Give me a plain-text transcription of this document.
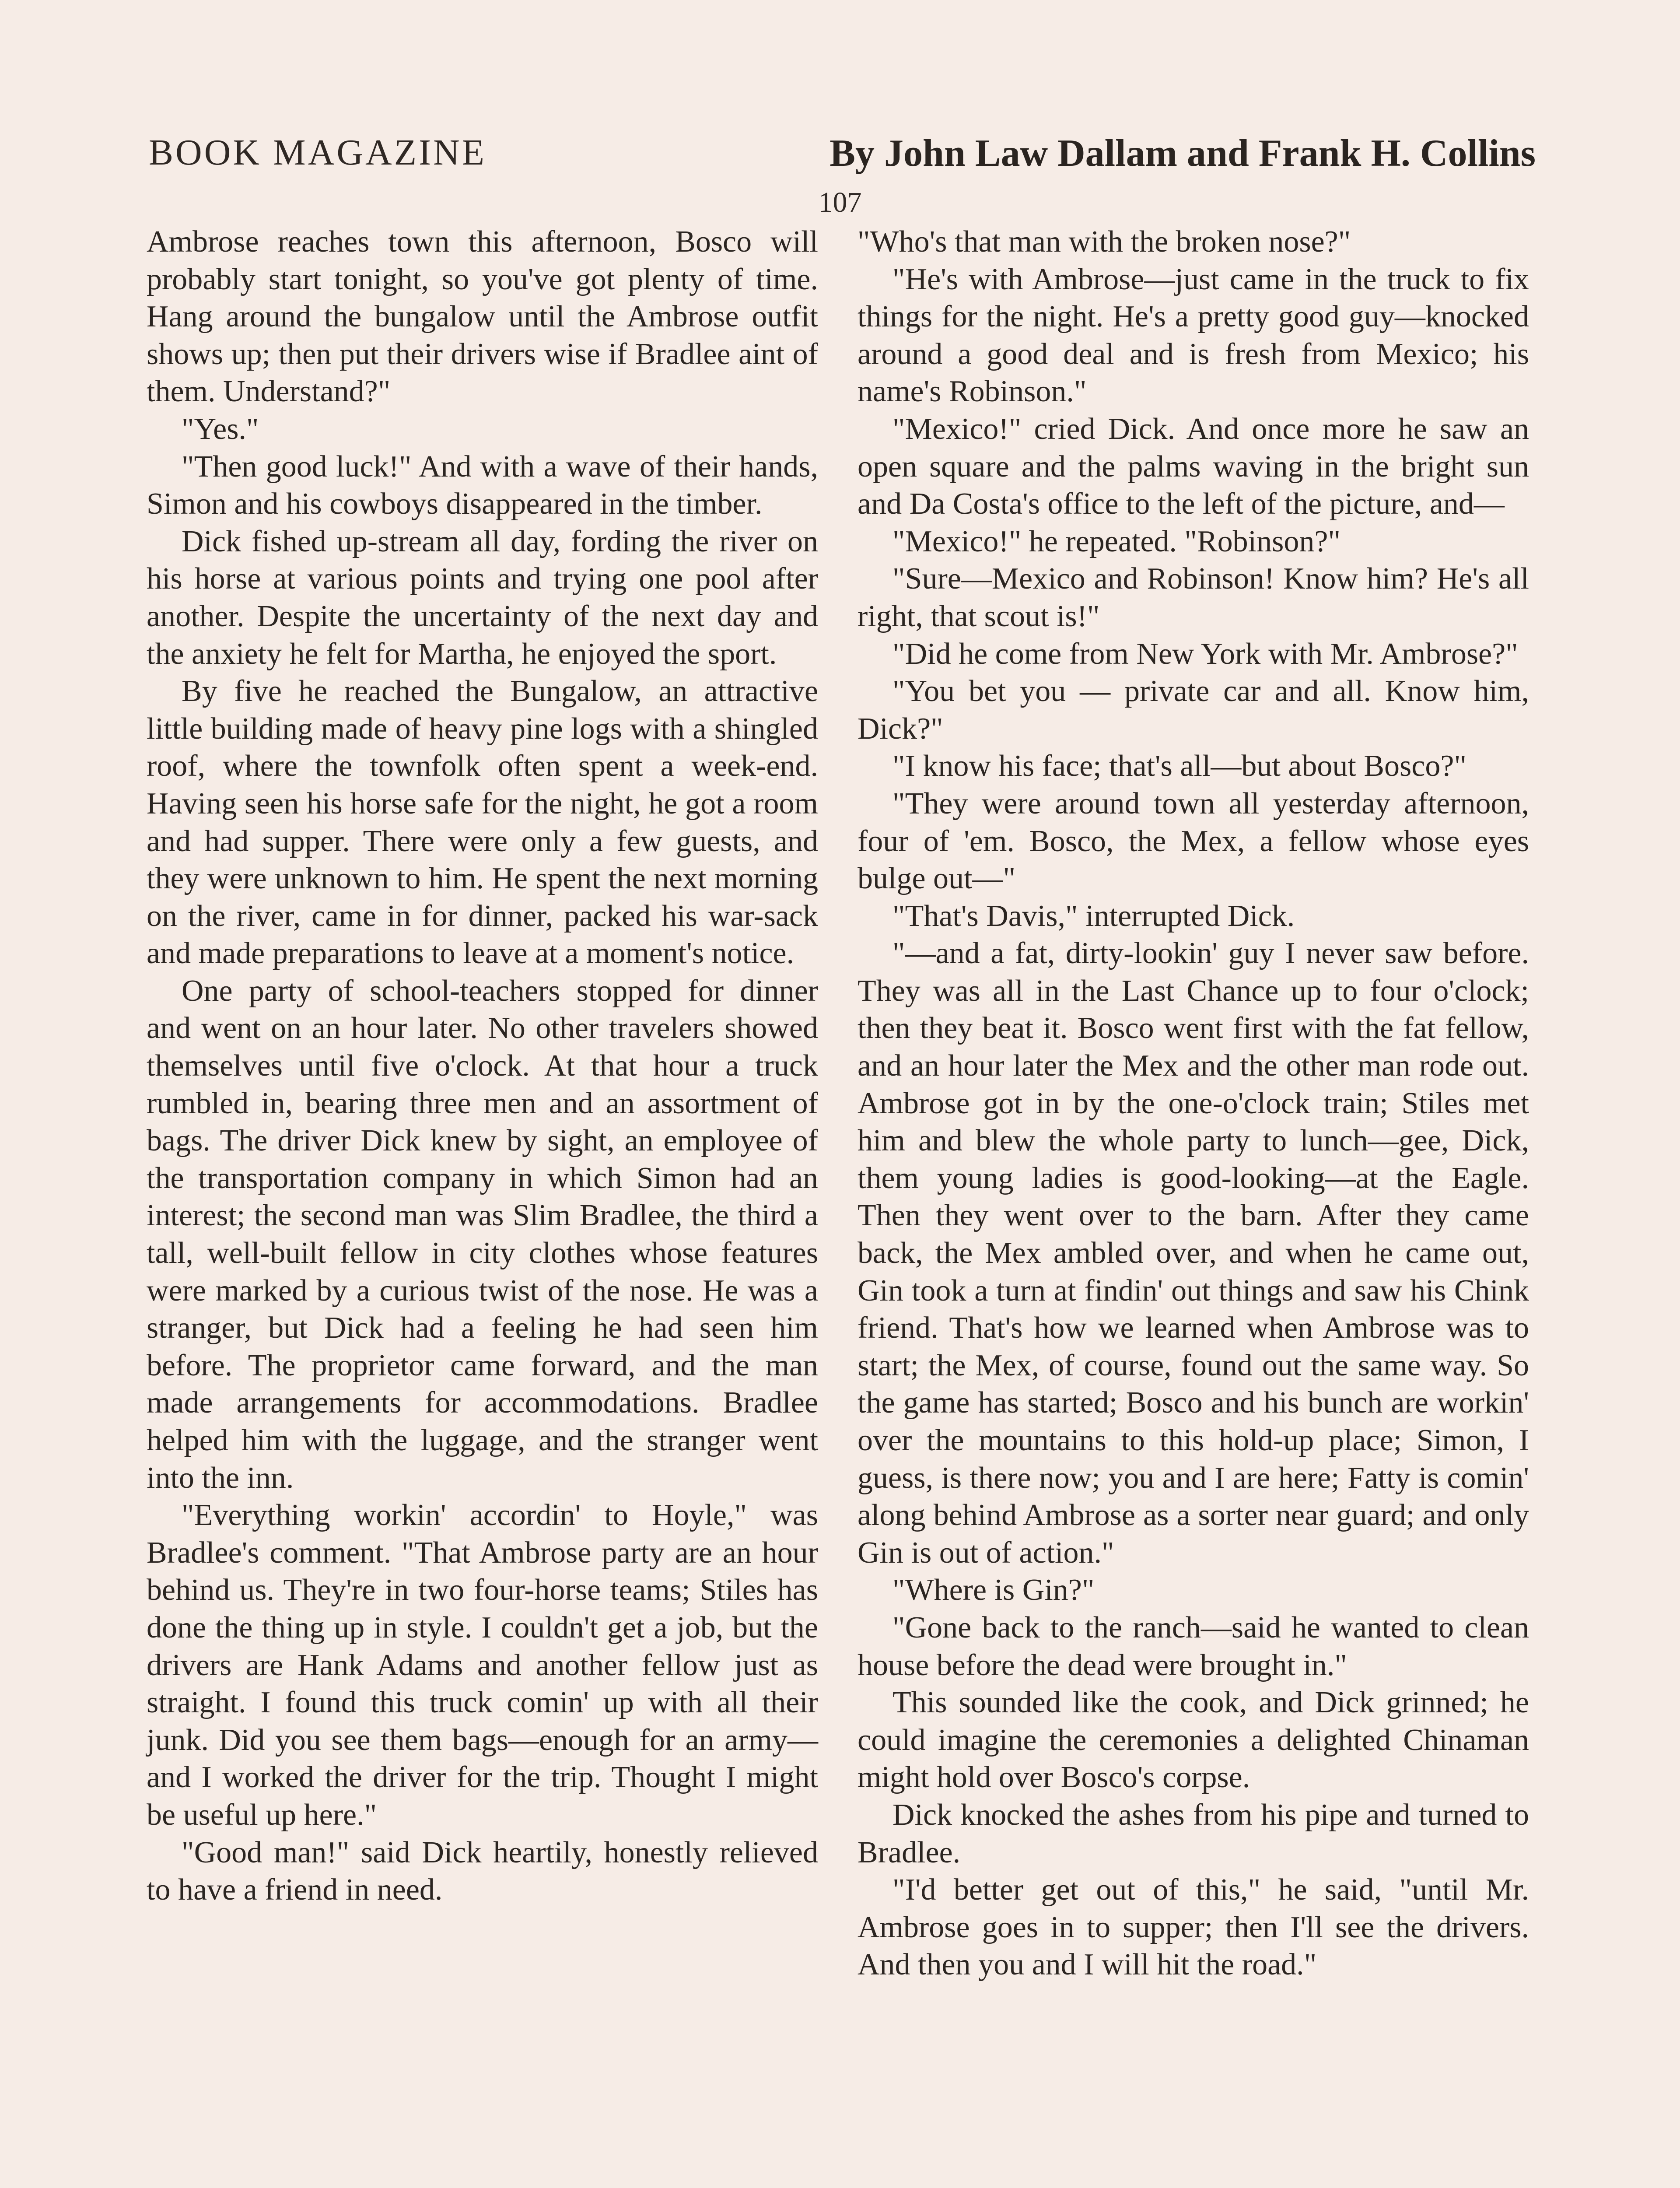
BOOK MAGAZINE	By John Law Dallam and Frank H. Collins
107

Ambrose reaches town this afternoon, Bosco will probably start tonight, so you've got plenty of time. Hang around the bungalow until the Ambrose outfit shows up; then put their drivers wise if Bradlee aint of them. Understand?"

"Yes."

"Then good luck!" And with a wave of their hands, Simon and his cowboys disappeared in the timber.

Dick fished up-stream all day, fording the river on his horse at various points and trying one pool after another. Despite the uncertainty of the next day and the anxiety he felt for Martha, he enjoyed the sport.

By five he reached the Bungalow, an attractive little building made of heavy pine logs with a shingled roof, where the townfolk often spent a week-end. Having seen his horse safe for the night, he got a room and had supper. There were only a few guests, and they were unknown to him. He spent the next morning on the river, came in for dinner, packed his war-sack and made preparations to leave at a moment's notice.

One party of school-teachers stopped for dinner and went on an hour later. No other travelers showed themselves until five o'clock. At that hour a truck rumbled in, bearing three men and an assortment of bags. The driver Dick knew by sight, an employee of the transportation company in which Simon had an interest; the second man was Slim Bradlee, the third a tall, well-built fellow in city clothes whose features were marked by a curious twist of the nose. He was a stranger, but Dick had a feeling he had seen him before. The proprietor came forward, and the man made arrangements for accommodations. Bradlee helped him with the luggage, and the stranger went into the inn.

"Everything workin' accordin' to Hoyle," was Bradlee's comment. "That Ambrose party are an hour behind us. They're in two four-horse teams; Stiles has done the thing up in style. I couldn't get a job, but the drivers are Hank Adams and another fellow just as straight. I found this truck comin' up with all their junk. Did you see them bags—enough for an army—and I worked the driver for the trip. Thought I might be useful up here."

"Good man!" said Dick heartily, honestly relieved to have a friend in need.

"Who's that man with the broken nose?"

"He's with Ambrose—just came in the truck to fix things for the night. He's a pretty good guy—knocked around a good deal and is fresh from Mexico; his name's Robinson."

"Mexico!" cried Dick. And once more he saw an open square and the palms waving in the bright sun and Da Costa's office to the left of the picture, and—

"Mexico!" he repeated. "Robinson?"

"Sure—Mexico and Robinson! Know him? He's all right, that scout is!"

"Did he come from New York with Mr. Ambrose?"

"You bet you — private car and all. Know him, Dick?"

"I know his face; that's all—but about Bosco?"

"They were around town all yesterday afternoon, four of 'em. Bosco, the Mex, a fellow whose eyes bulge out—"

"That's Davis," interrupted Dick.

"—and a fat, dirty-lookin' guy I never saw before. They was all in the Last Chance up to four o'clock; then they beat it. Bosco went first with the fat fellow, and an hour later the Mex and the other man rode out. Ambrose got in by the one-o'clock train; Stiles met him and blew the whole party to lunch—gee, Dick, them young ladies is good-looking—at the Eagle. Then they went over to the barn. After they came back, the Mex ambled over, and when he came out, Gin took a turn at findin' out things and saw his Chink friend. That's how we learned when Ambrose was to start; the Mex, of course, found out the same way. So the game has started; Bosco and his bunch are workin' over the mountains to this hold-up place; Simon, I guess, is there now; you and I are here; Fatty is comin' along behind Ambrose as a sorter near guard; and only Gin is out of action."

"Where is Gin?"

"Gone back to the ranch—said he wanted to clean house before the dead were brought in."

This sounded like the cook, and Dick grinned; he could imagine the ceremonies a delighted Chinaman might hold over Bosco's corpse.

Dick knocked the ashes from his pipe and turned to Bradlee.

"I'd better get out of this," he said, "until Mr. Ambrose goes in to supper; then I'll see the drivers. And then you and I will hit the road."
